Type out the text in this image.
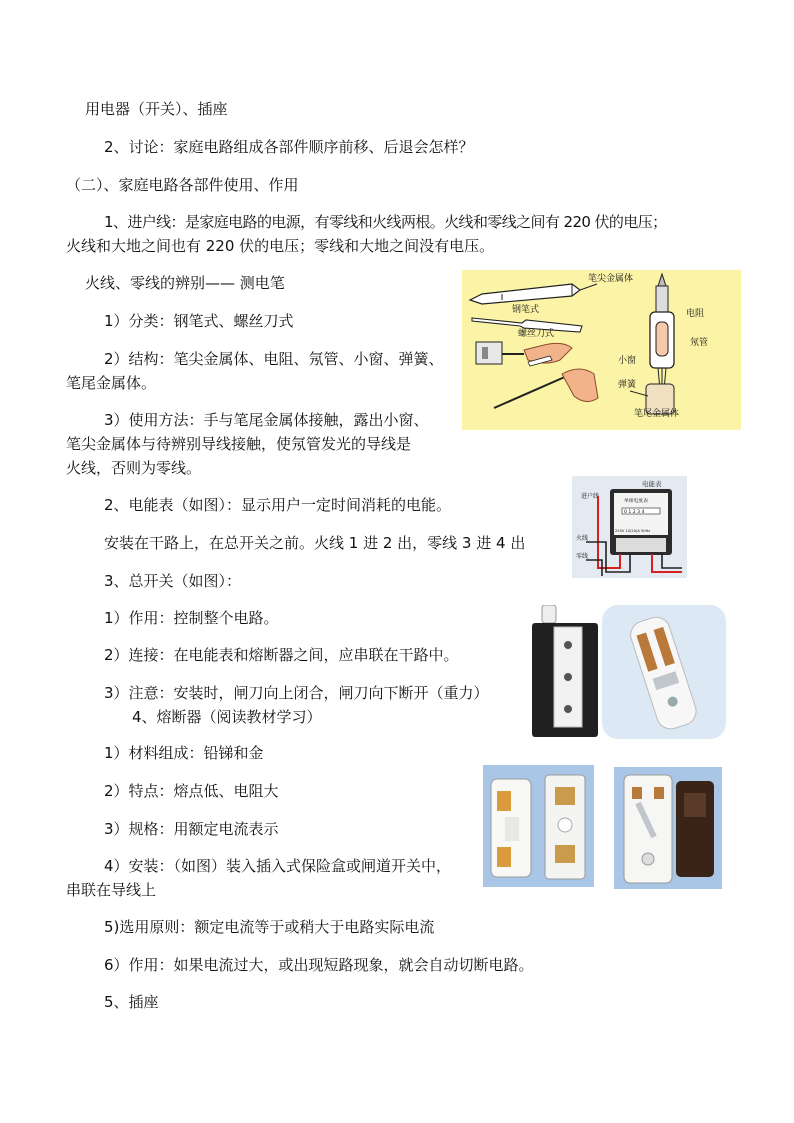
用电器（开关）、插座
2、讨论：家庭电路组成各部件顺序前移、后退会怎样？
（二）、家庭电路各部件使用、作用
1、进户线：是家庭电路的电源，有零线和火线两根。火线和零线之间有 220 伏的电压；
火线和大地之间也有 220 伏的电压；零线和大地之间没有电压。
火线、零线的辨别—— 测电笔
1）分类：钢笔式、螺丝刀式
2）结构：笔尖金属体、电阻、氖管、小窗、弹簧、
笔尾金属体。
3）使用方法：手与笔尾金属体接触，露出小窗、
笔尖金属体与待辨别导线接触，使氖管发光的导线是
火线，否则为零线。
2、电能表（如图）：显示用户一定时间消耗的电能。
安装在干路上，在总开关之前。火线 1 进 2 出，零线 3 进 4 出
3、总开关（如图）：
1）作用：控制整个电路。
2）连接：在电能表和熔断器之间，应串联在干路中。
3）注意：安装时，闸刀向上闭合，闸刀向下断开（重力）
4、熔断器（阅读教材学习）
1）材料组成：铅锑和金
2）特点：熔点低、电阻大
3）规格：用额定电流表示
4）安装：（如图）装入插入式保险盒或闸道开关中，
串联在导线上
5)选用原则：额定电流等于或稍大于电路实际电流
6）作用：如果电流过大，或出现短路现象，就会自动切断电路。
5、插座
笔尖金属体
钢笔式
螺丝刀式
电阻
氖管
小窗
弹簧
笔尾金属体
电能表
进户线
火线
零线
单相电度表
0 1 2 3 4
220V 10(20)A 50Hz
